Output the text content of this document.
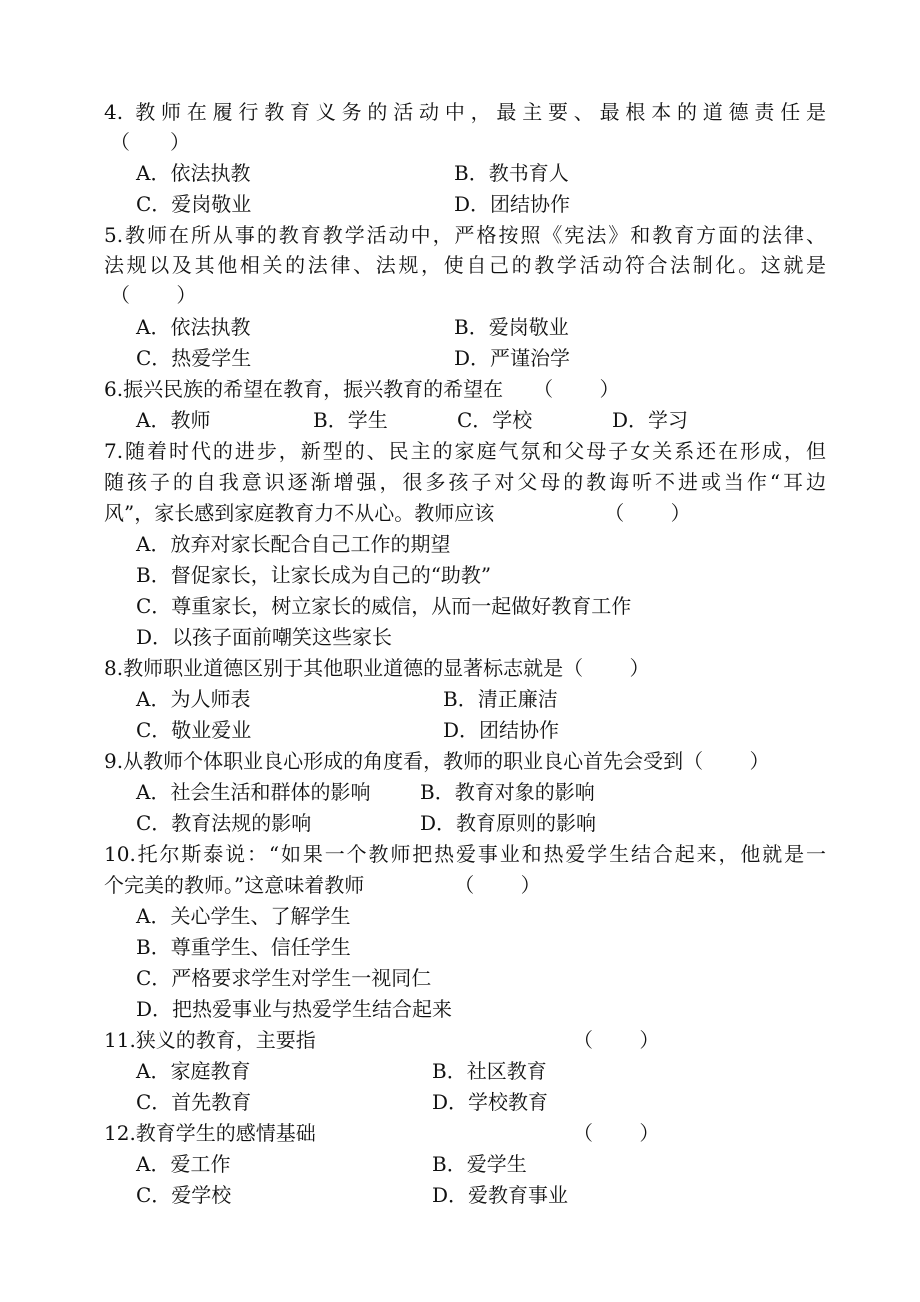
4. 教师在履行教育义务的活动中，最主要、最根本的道德责任是
（　　）
A．依法执教	B．教书育人
C．爱岗敬业	D．团结协作
5.教师在所从事的教育教学活动中，严格按照《宪法》和教育方面的法律、
法规以及其他相关的法律、法规，使自己的教学活动符合法制化。这就是
（　　 ）
A．依法执教	B．爱岗敬业
C．热爱学生	D．严谨治学
6.振兴民族的希望在教育，振兴教育的希望在　　（　　 ）
A．教师	B．学生	C．学校	D．学习
7.随着时代的进步，新型的、民主的家庭气氛和父母子女关系还在形成，但
随孩子的自我意识逐渐增强，很多孩子对父母的教诲听不进或当作“耳边
风”，家长感到家庭教育力不从心。教师应该　　　　　　（　　 ）
A．放弃对家长配合自己工作的期望
B．督促家长，让家长成为自己的“助教”
C．尊重家长，树立家长的威信，从而一起做好教育工作
D．以孩子面前嘲笑这些家长
8.教师职业道德区别于其他职业道德的显著标志就是（　　 ）
A．为人师表	B．清正廉洁
C．敬业爱业	D．团结协作
9.从教师个体职业良心形成的角度看，教师的职业良心首先会受到（　　 ）
A．社会生活和群体的影响 B．教育对象的影响
C．教育法规的影响	D．教育原则的影响
10.托尔斯泰说：“如果一个教师把热爱事业和热爱学生结合起来，他就是一
个完美的教师。”这意味着教师　　　　　（　　 ）
A．关心学生、了解学生
B．尊重学生、信任学生
C．严格要求学生对学生一视同仁
D．把热爱事业与热爱学生结合起来
11.狭义的教育，主要指	（　　 ）
A．家庭教育	B．社区教育
C．首先教育	D．学校教育
12.教育学生的感情基础	（　　 ）
A．爱工作	B．爱学生
C．爱学校	D．爱教育事业
